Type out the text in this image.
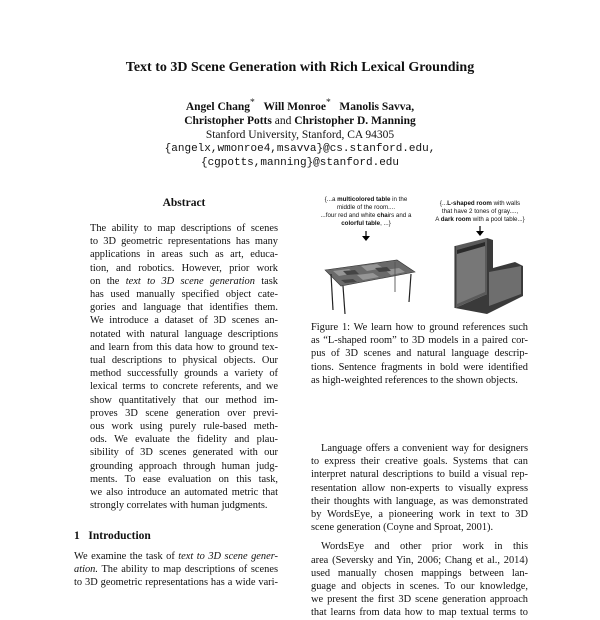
Text to 3D Scene Generation with Rich Lexical Grounding
Angel Chang* Will Monroe* Manolis Savva,
Christopher Potts and Christopher D. Manning
Stanford University, Stanford, CA 94305
{angelx,wmonroe4,msavva}@cs.stanford.edu,
{cgpotts,manning}@stanford.edu
Abstract
The ability to map descriptions of scenes
to 3D geometric representations has many
applications in areas such as art, educa-
tion, and robotics. However, prior work
on the text to 3D scene generation task
has used manually specified object cate-
gories and language that identifies them.
We introduce a dataset of 3D scenes an-
notated with natural language descriptions
and learn from this data how to ground tex-
tual descriptions to physical objects. Our
method successfully grounds a variety of
lexical terms to concrete referents, and we
show quantitatively that our method im-
proves 3D scene generation over previ-
ous work using purely rule-based meth-
ods. We evaluate the fidelity and plau-
sibility of 3D scenes generated with our
grounding approach through human judg-
ments. To ease evaluation on this task,
we also introduce an automated metric that
strongly correlates with human judgments.
1 Introduction
We examine the task of text to 3D scene gener-
ation. The ability to map descriptions of scenes
to 3D geometric representations has a wide vari-
{...a multicolored table in the
middle of the room....
...four red and white chairs and a
colorful table, ...}
{...L-shaped room with walls
that have 2 tones of gray....,
A dark room with a pool table...}
Figure 1: We learn how to ground references such
as “L-shaped room” to 3D models in a paired cor-
pus of 3D scenes and natural language descrip-
tions. Sentence fragments in bold were identified
as high-weighted references to the shown objects.
Language offers a convenient way for designers
to express their creative goals. Systems that can
interpret natural descriptions to build a visual rep-
resentation allow non-experts to visually express
their thoughts with language, as was demonstrated
by WordsEye, a pioneering work in text to 3D
scene generation (Coyne and Sproat, 2001).
WordsEye and other prior work in this
area (Seversky and Yin, 2006; Chang et al., 2014)
used manually chosen mappings between lan-
guage and objects in scenes. To our knowledge,
we present the first 3D scene generation approach
that learns from data how to map textual terms to
